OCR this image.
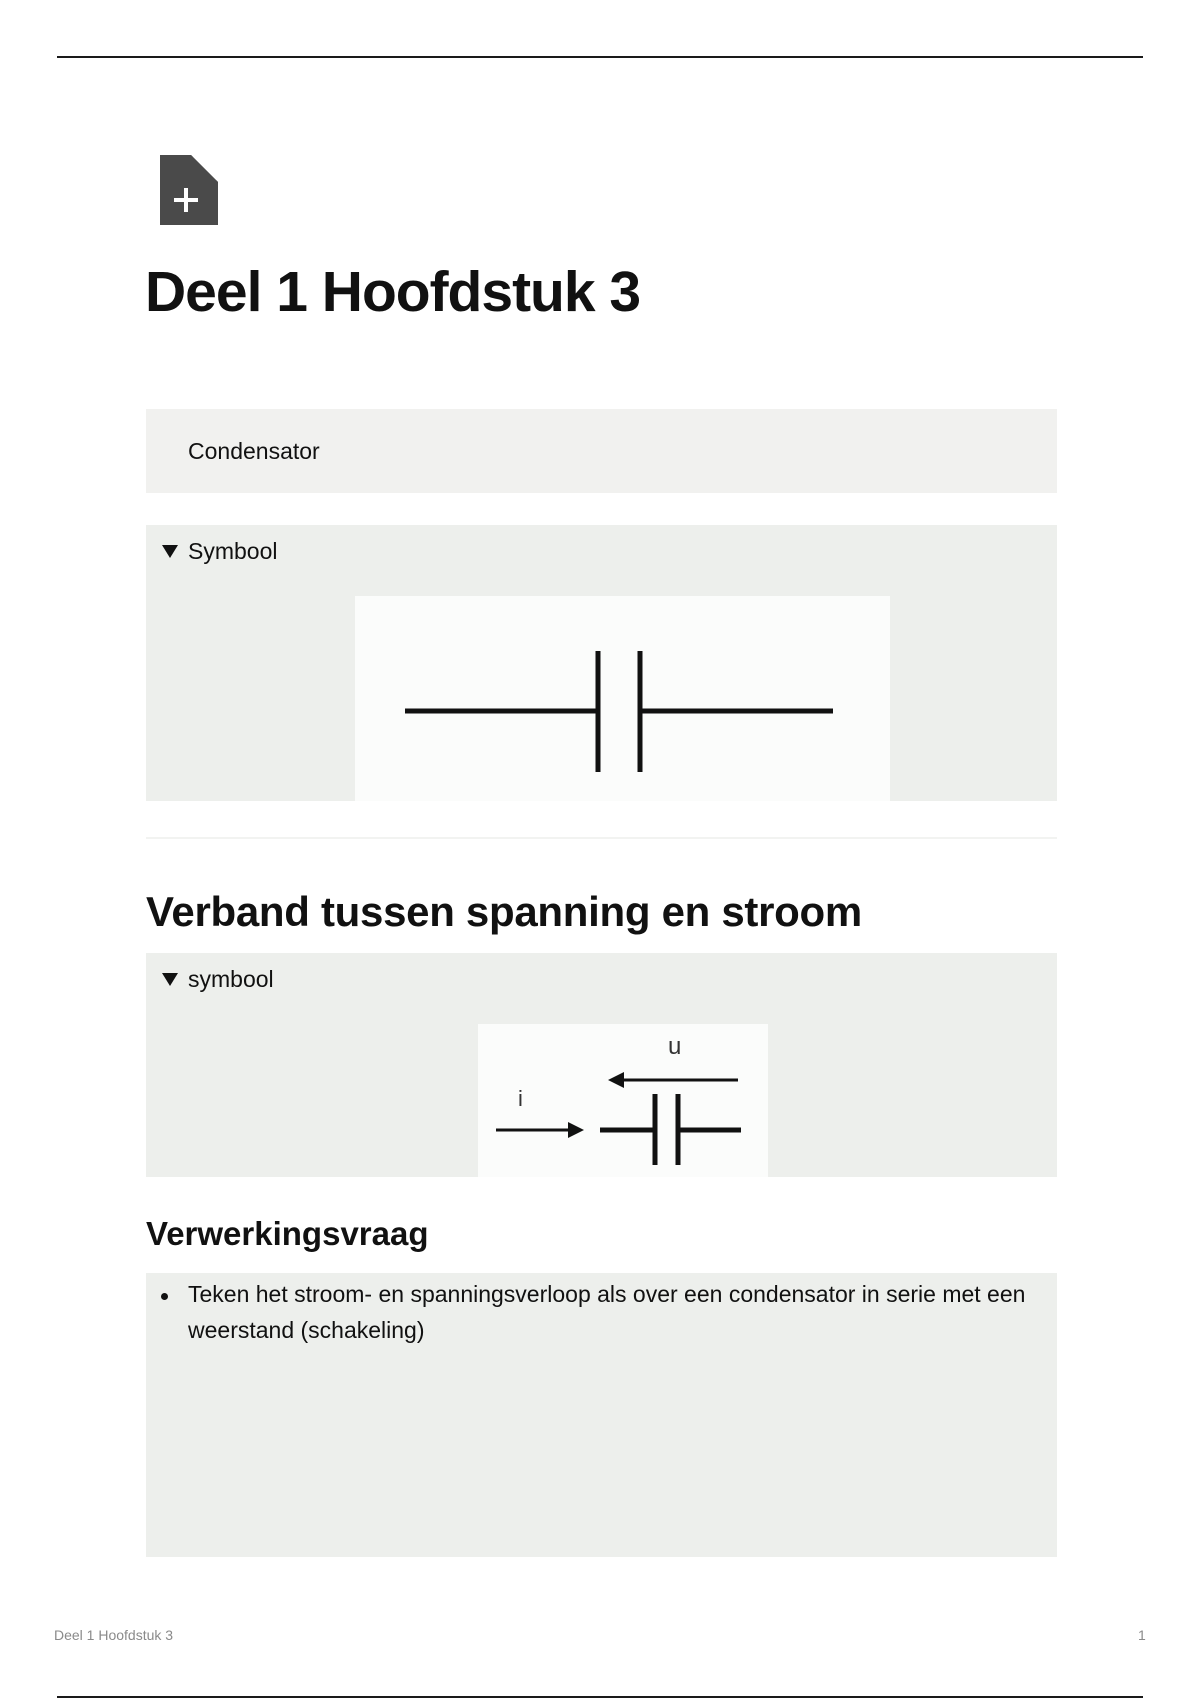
Deel 1 Hoofdstuk 3
Condensator
Symbool
Verband tussen spanning en stroom
symbool
u
i
Verwerkingsvraag
Teken het stroom- en spanningsverloop als over een condensator in serie met een weerstand (schakeling)
Deel 1 Hoofdstuk 3	1
